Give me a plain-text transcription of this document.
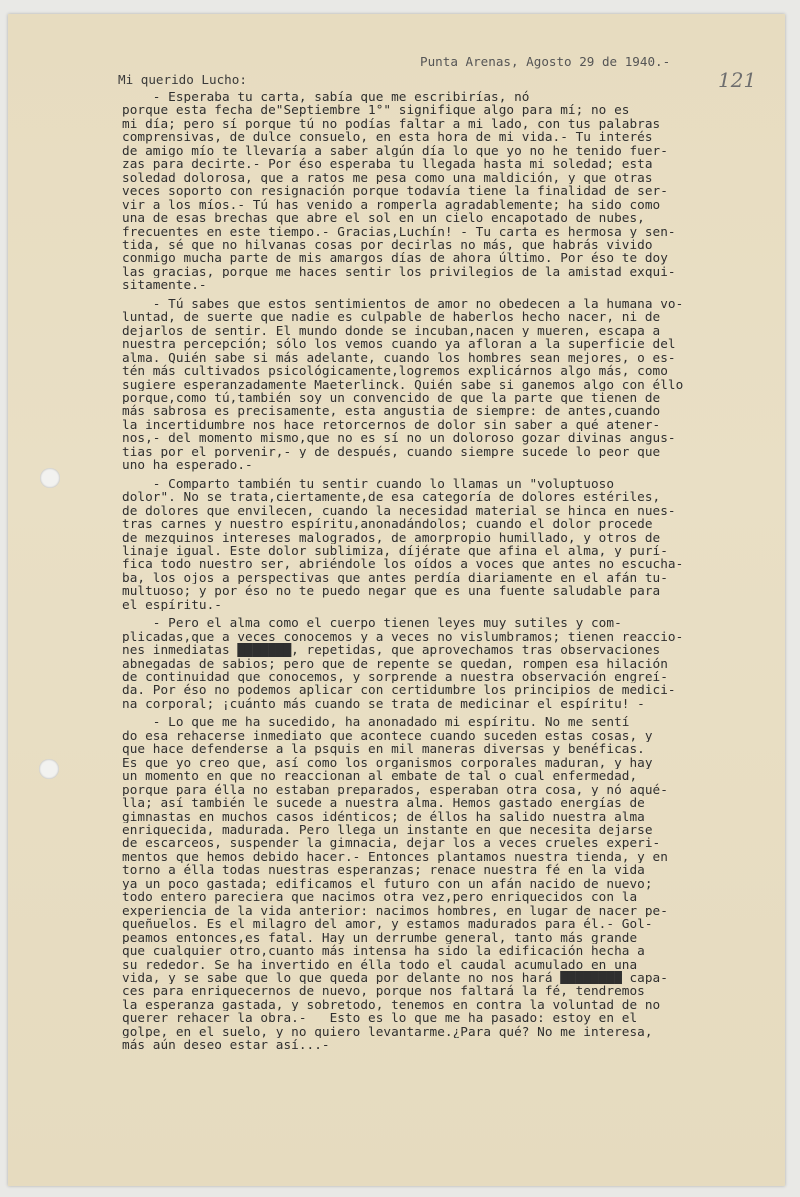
Mi querido Lucho:
Punta Arenas, Agosto 29 de 1940.-
121
- Esperaba tu carta, sabía que me escribirías, nó
porque esta fecha de"Septiembre 1°" signifique algo para mí; no es
mi día; pero sí porque tú no podías faltar a mi lado, con tus palabras
comprensivas, de dulce consuelo, en esta hora de mi vida.- Tu interés
de amigo mío te llevaría a saber algún día lo que yo no he tenido fuer-
zas para decirte.- Por éso esperaba tu llegada hasta mi soledad; esta
soledad dolorosa, que a ratos me pesa como una maldición, y que otras
veces soporto con resignación porque todavía tiene la finalidad de ser-
vir a los míos.- Tú has venido a romperla agradablemente; ha sido como
una de esas brechas que abre el sol en un cielo encapotado de nubes,
frecuentes en este tiempo.- Gracias,Luchín! - Tu carta es hermosa y sen-
tida, sé que no hilvanas cosas por decirlas no más, que habrás vivido
conmigo mucha parte de mis amargos días de ahora último. Por éso te doy
las gracias, porque me haces sentir los privilegios de la amistad exqui-
sitamente.-
- Tú sabes que estos sentimientos de amor no obedecen a la humana vo-
luntad, de suerte que nadie es culpable de haberlos hecho nacer, ni de
dejarlos de sentir. El mundo donde se incuban,nacen y mueren, escapa a
nuestra percepción; sólo los vemos cuando ya afloran a la superficie del
alma. Quién sabe si más adelante, cuando los hombres sean mejores, o es-
tén más cultivados psicológicamente,logremos explicárnos algo más, como
sugiere esperanzadamente Maeterlinck. Quién sabe si ganemos algo con éllo
porque,como tú,también soy un convencido de que la parte que tienen de
más sabrosa es precisamente, esta angustia de siempre: de antes,cuando
la incertidumbre nos hace retorcernos de dolor sin saber a qué atener-
nos,- del momento mismo,que no es sí no un doloroso gozar divinas angus-
tias por el porvenir,- y de después, cuando siempre sucede lo peor que
uno ha esperado.-
- Comparto también tu sentir cuando lo llamas un "voluptuoso
dolor". No se trata,ciertamente,de esa categoría de dolores estériles,
de dolores que envilecen, cuando la necesidad material se hinca en nues-
tras carnes y nuestro espíritu,anonadándolos; cuando el dolor procede
de mezquinos intereses malogrados, de amorpropio humillado, y otros de
linaje igual. Este dolor sublimiza, díjérate que afina el alma, y purí-
fica todo nuestro ser, abriéndole los oídos a voces que antes no escucha-
ba, los ojos a perspectivas que antes perdía diariamente en el afán tu-
multuoso; y por éso no te puedo negar que es una fuente saludable para
el espíritu.-
- Pero el alma como el cuerpo tienen leyes muy sutiles y com-
plicadas,que a veces conocemos y a veces no vislumbramos; tienen reaccio-
nes inmediatas ███████, repetidas, que aprovechamos tras observaciones
abnegadas de sabios; pero que de repente se quedan, rompen esa hilación
de continuidad que conocemos, y sorprende a nuestra observación engreí-
da. Por éso no podemos aplicar con certidumbre los principios de medici-
na corporal; ¡cuánto más cuando se trata de medicinar el espíritu! -
- Lo que me ha sucedido, ha anonadado mi espíritu. No me sentí
do esa rehacerse inmediato que acontece cuando suceden estas cosas, y
que hace defenderse a la psquis en mil maneras diversas y benéficas.
Es que yo creo que, así como los organismos corporales maduran, y hay
un momento en que no reaccionan al embate de tal o cual enfermedad,
porque para élla no estaban preparados, esperaban otra cosa, y nó aqué-
lla; así también le sucede a nuestra alma. Hemos gastado energías de
gimnastas en muchos casos idénticos; de éllos ha salido nuestra alma
enriquecida, madurada. Pero llega un instante en que necesita dejarse
de escarceos, suspender la gimnacia, dejar los a veces crueles experi-
mentos que hemos debido hacer.- Entonces plantamos nuestra tienda, y en
torno a élla todas nuestras esperanzas; renace nuestra fé en la vida
ya un poco gastada; edificamos el futuro con un afán nacido de nuevo;
todo entero pareciera que nacimos otra vez,pero enriquecidos con la
experiencia de la vida anterior: nacimos hombres, en lugar de nacer pe-
queñuelos. Es el milagro del amor, y estamos madurados para él.- Gol-
peamos entonces,es fatal. Hay un derrumbe general, tanto más grande
que cualquier otro,cuanto más intensa ha sido la edificación hecha a
su rededor. Se ha invertido en élla todo el caudal acumulado en una
vida, y se sabe que lo que queda por delante no nos hará ████████ capa-
ces para enriquecernos de nuevo, porque nos faltará la fé, tendremos
la esperanza gastada, y sobretodo, tenemos en contra la voluntad de no
querer rehacer la obra.-   Esto es lo que me ha pasado: estoy en el
golpe, en el suelo, y no quiero levantarme.¿Para qué? No me interesa,
más aún deseo estar así...-
